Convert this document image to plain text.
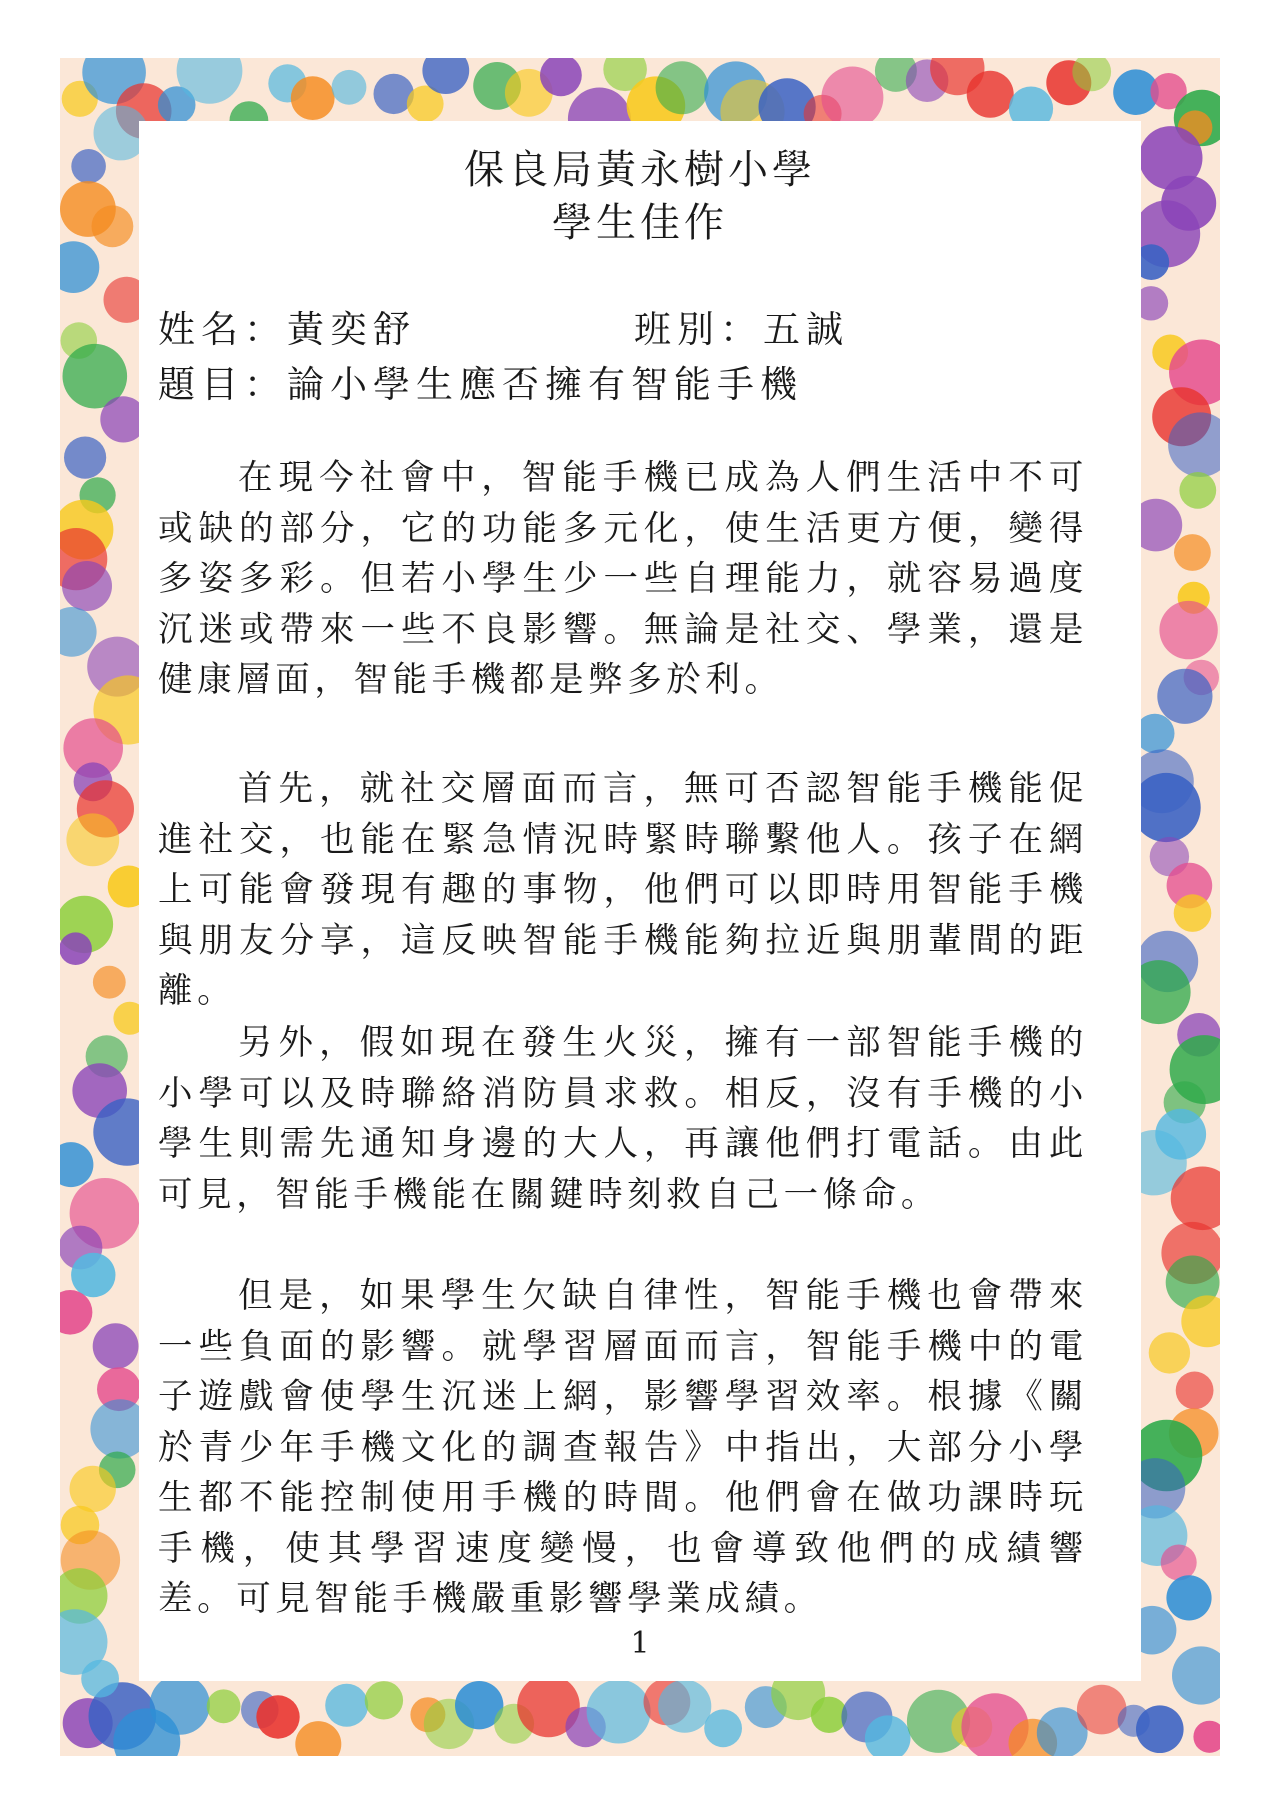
保良局黃永樹小學
學生佳作
姓名：黃奕舒	班別：五誠
題目：論小學生應否擁有智能手機

在現今社會中，智能手機已成為人們生活中不可或缺的部分，它的功能多元化，使生活更方便，變得多姿多彩。但若小學生少一些自理能力，就容易過度沉迷或帶來一些不良影響。無論是社交、學業，還是健康層面，智能手機都是弊多於利。

首先，就社交層面而言，無可否認智能手機能促進社交，也能在緊急情況時緊時聯繫他人。孩子在網上可能會發現有趣的事物，他們可以即時用智能手機與朋友分享，這反映智能手機能夠拉近與朋輩間的距離。

另外，假如現在發生火災，擁有一部智能手機的小學可以及時聯絡消防員求救。相反，沒有手機的小學生則需先通知身邊的大人，再讓他們打電話。由此可見，智能手機能在關鍵時刻救自己一條命。

但是，如果學生欠缺自律性，智能手機也會帶來一些負面的影響。就學習層面而言，智能手機中的電子遊戲會使學生沉迷上網，影響學習效率。根據《關於青少年手機文化的調查報告》中指出，大部分小學生都不能控制使用手機的時間。他們會在做功課時玩手機，使其學習速度變慢，也會導致他們的成績響差。可見智能手機嚴重影響學業成績。

1
